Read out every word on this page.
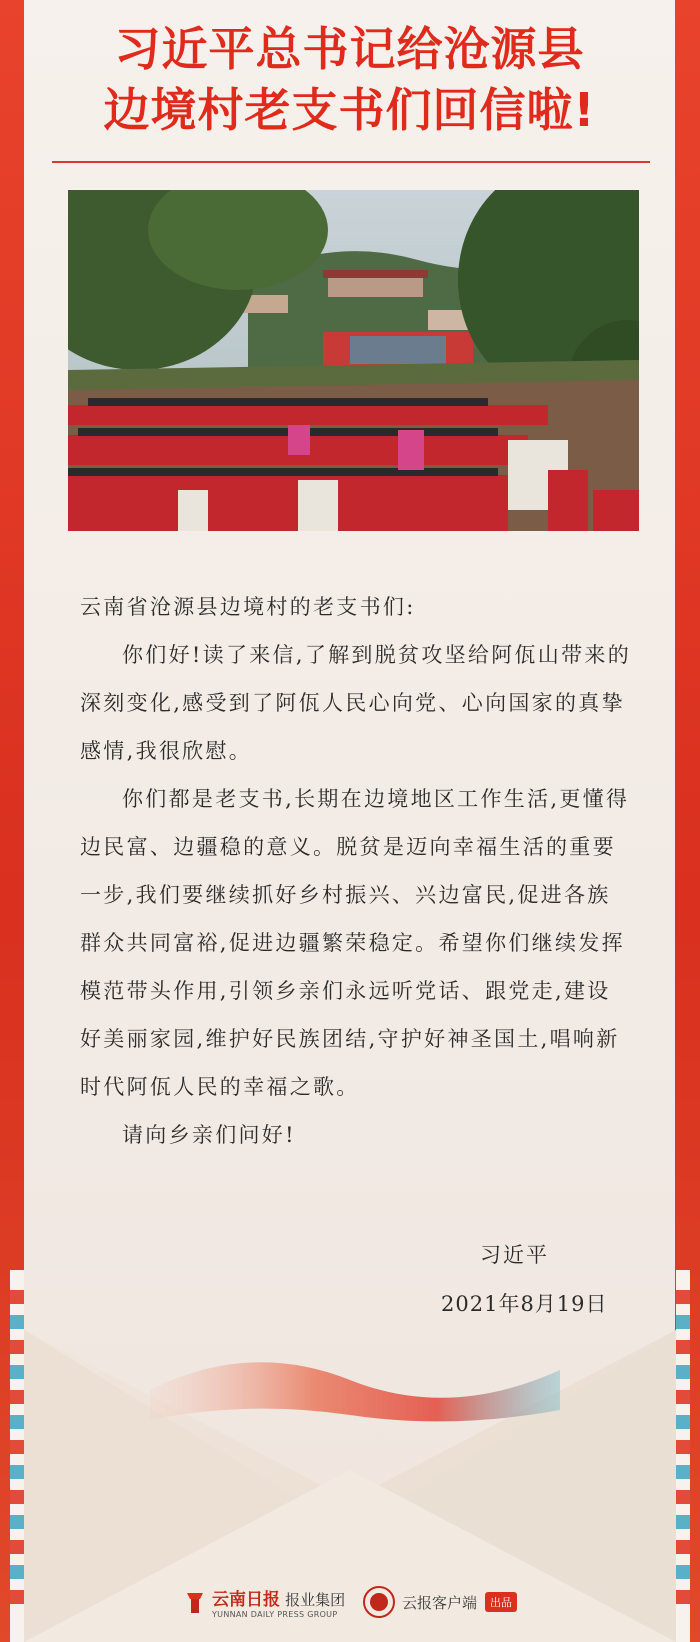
习近平总书记给沧源县
边境村老支书们回信啦!

云南省沧源县边境村的老支书们:

你们好!读了来信,了解到脱贫攻坚给阿佤山带来的深刻变化,感受到了阿佤人民心向党、心向国家的真挚感情,我很欣慰。

你们都是老支书,长期在边境地区工作生活,更懂得边民富、边疆稳的意义。脱贫是迈向幸福生活的重要一步,我们要继续抓好乡村振兴、兴边富民,促进各族群众共同富裕,促进边疆繁荣稳定。希望你们继续发挥模范带头作用,引领乡亲们永远听党话、跟党走,建设好美丽家园,维护好民族团结,守护好神圣国土,唱响新时代阿佤人民的幸福之歌。

请向乡亲们问好!

习近平
2021年8月19日
云南日报 报业集团
YUNNAN DAILY PRESS GROUP
云报客户端	出品
